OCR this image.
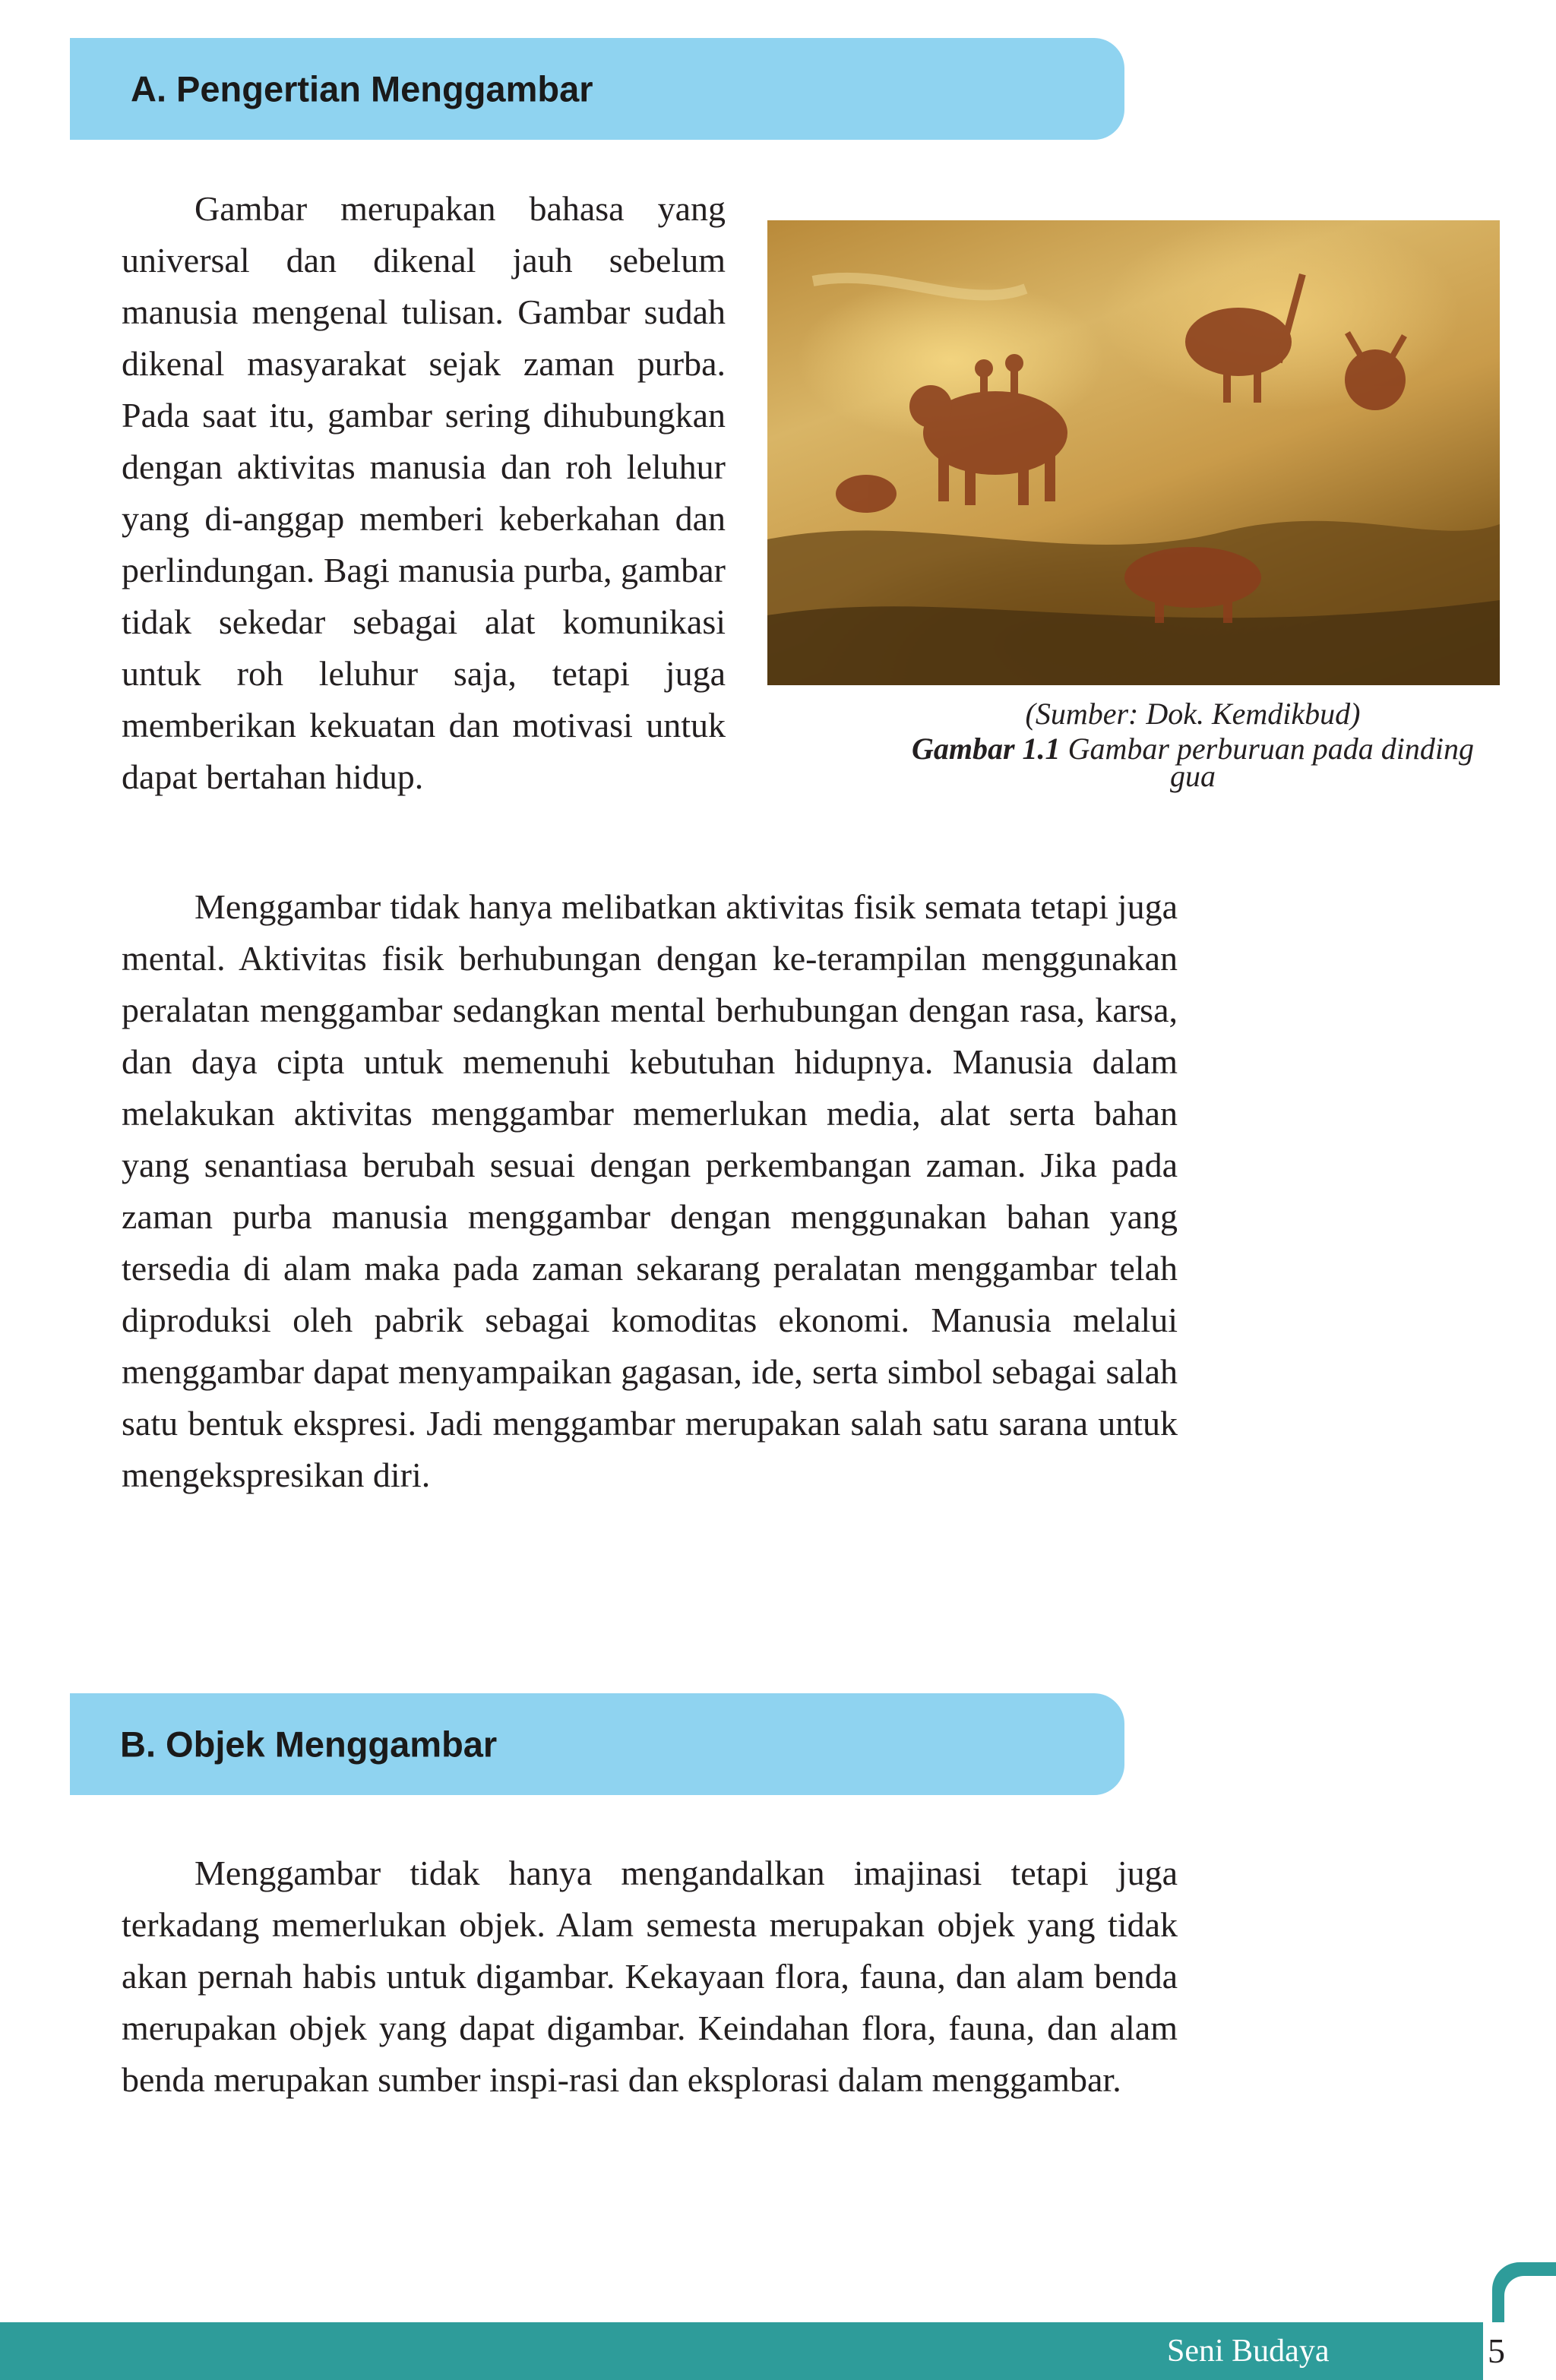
A. Pengertian Menggambar

Gambar merupakan bahasa yang universal dan dikenal jauh sebelum manusia mengenal tulisan. Gambar sudah dikenal masyarakat sejak zaman purba. Pada saat itu, gambar sering dihubungkan dengan aktivitas manusia dan roh leluhur yang di-anggap memberi keberkahan dan perlindungan. Bagi manusia purba, gambar tidak sekedar sebagai alat komunikasi untuk roh leluhur saja, tetapi juga memberikan kekuatan dan motivasi untuk dapat bertahan hidup.

(Sumber: Dok. Kemdikbud)
Gambar 1.1 Gambar perburuan pada dinding gua

Menggambar tidak hanya melibatkan aktivitas fisik semata tetapi juga mental. Aktivitas fisik berhubungan dengan ke-terampilan menggunakan peralatan menggambar sedangkan mental berhubungan dengan rasa, karsa, dan daya cipta untuk memenuhi kebutuhan hidupnya. Manusia dalam melakukan aktivitas menggambar memerlukan media, alat serta bahan yang senantiasa berubah sesuai dengan perkembangan zaman. Jika pada zaman purba manusia menggambar dengan menggunakan bahan yang tersedia di alam maka pada zaman sekarang peralatan menggambar telah diproduksi oleh pabrik sebagai komoditas ekonomi. Manusia melalui menggambar dapat menyampaikan gagasan, ide, serta simbol sebagai salah satu bentuk ekspresi. Jadi menggambar merupakan salah satu sarana untuk mengekspresikan diri.

B. Objek Menggambar

Menggambar tidak hanya mengandalkan imajinasi tetapi juga terkadang memerlukan objek. Alam semesta merupakan objek yang tidak akan pernah habis untuk digambar. Kekayaan flora, fauna, dan alam benda merupakan objek yang dapat digambar. Keindahan flora, fauna, dan alam benda merupakan sumber inspi-rasi dan eksplorasi dalam menggambar.

Seni Budaya	5
